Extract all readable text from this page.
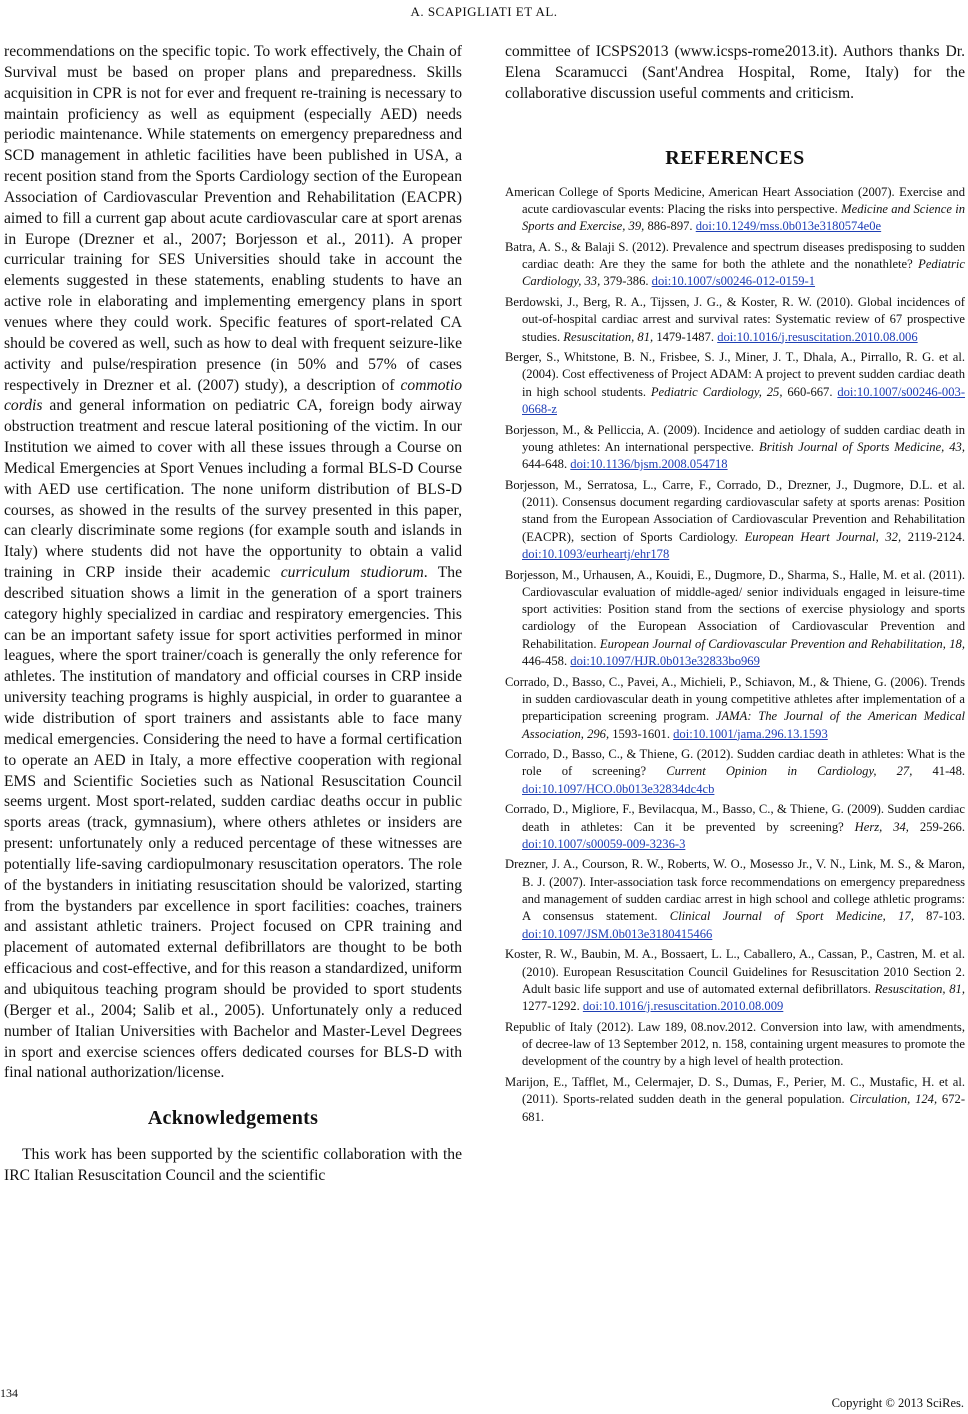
A. SCAPIGLIATI ET AL.

recommendations on the specific topic. To work effectively, the Chain of Survival must be based on proper plans and preparedness. Skills acquisition in CPR is not for ever and frequent re-training is necessary to maintain proficiency as well as equipment (especially AED) needs periodic maintenance. While statements on emergency preparedness and SCD management in athletic facilities have been published in USA, a recent position stand from the Sports Cardiology section of the European Association of Cardiovascular Prevention and Rehabilitation (EACPR) aimed to fill a current gap about acute cardiovascular care at sport arenas in Europe (Drezner et al., 2007; Borjesson et al., 2011). A proper curricular training for SES Universities should take in account the elements suggested in these statements, enabling students to have an active role in elaborating and implementing emergency plans in sport venues where they could work. Specific features of sport-related CA should be covered as well, such as how to deal with frequent seizure-like activity and pulse/respiration presence (in 50% and 57% of cases respectively in Drezner et al. (2007) study), a description of commotio cordis and general information on pediatric CA, foreign body airway obstruction treatment and rescue lateral positioning of the victim. In our Institution we aimed to cover with all these issues through a Course on Medical Emergencies at Sport Venues including a formal BLS-D Course with AED use certification. The none uniform distribution of BLS-D courses, as showed in the results of the survey presented in this paper, can clearly discriminate some regions (for example south and islands in Italy) where students did not have the opportunity to obtain a valid training in CRP inside their academic curriculum studiorum. The described situation shows a limit in the generation of a sport trainers category highly specialized in cardiac and respiratory emergencies. This can be an important safety issue for sport activities performed in minor leagues, where the sport trainer/coach is generally the only reference for athletes. The institution of mandatory and official courses in CRP inside university teaching programs is highly auspicial, in order to guarantee a wide distribution of sport trainers and assistants able to face many medical emergencies. Considering the need to have a formal certification to operate an AED in Italy, a more effective cooperation with regional EMS and Scientific Societies such as National Resuscitation Council seems urgent. Most sport-related, sudden cardiac deaths occur in public sports areas (track, gymnasium), where others athletes or insiders are present: unfortunately only a reduced percentage of these witnesses are potentially life-saving cardiopulmonary resuscitation operators. The role of the bystanders in initiating resuscitation should be valorized, starting from the bystanders par excellence in sport facilities: coaches, trainers and assistant athletic trainers. Project focused on CPR training and placement of automated external defibrillators are thought to be both efficacious and cost-effective, and for this reason a standardized, uniform and ubiquitous teaching program should be provided to sport students (Berger et al., 2004; Salib et al., 2005). Unfortunately only a reduced number of Italian Universities with Bachelor and Master-Level Degrees in sport and exercise sciences offers dedicated courses for BLS-D with final national authorization/license.

Acknowledgements

This work has been supported by the scientific collaboration with the IRC Italian Resuscitation Council and the scientific

committee of ICSPS2013 (www.icsps-rome2013.it). Authors thanks Dr. Elena Scaramucci (Sant'Andrea Hospital, Rome, Italy) for the collaborative discussion useful comments and criticism.

REFERENCES

American College of Sports Medicine, American Heart Association (2007). Exercise and acute cardiovascular events: Placing the risks into perspective. Medicine and Science in Sports and Exercise, 39, 886-897. doi:10.1249/mss.0b013e3180574e0e

Batra, A. S., & Balaji S. (2012). Prevalence and spectrum diseases predisposing to sudden cardiac death: Are they the same for both the athlete and the nonathlete? Pediatric Cardiology, 33, 379-386. doi:10.1007/s00246-012-0159-1

Berdowski, J., Berg, R. A., Tijssen, J. G., & Koster, R. W. (2010). Global incidences of out-of-hospital cardiac arrest and survival rates: Systematic review of 67 prospective studies. Resuscitation, 81, 1479-1487. doi:10.1016/j.resuscitation.2010.08.006

Berger, S., Whitstone, B. N., Frisbee, S. J., Miner, J. T., Dhala, A., Pirrallo, R. G. et al. (2004). Cost effectiveness of Project ADAM: A project to prevent sudden cardiac death in high school students. Pediatric Cardiology, 25, 660-667. doi:10.1007/s00246-003-0668-z

Borjesson, M., & Pelliccia, A. (2009). Incidence and aetiology of sudden cardiac death in young athletes: An international perspective. British Journal of Sports Medicine, 43, 644-648. doi:10.1136/bjsm.2008.054718

Borjesson, M., Serratosa, L., Carre, F., Corrado, D., Drezner, J., Dugmore, D.L. et al. (2011). Consensus document regarding cardiovascular safety at sports arenas: Position stand from the European Association of Cardiovascular Prevention and Rehabilitation (EACPR), section of Sports Cardiology. European Heart Journal, 32, 2119-2124. doi:10.1093/eurheartj/ehr178

Borjesson, M., Urhausen, A., Kouidi, E., Dugmore, D., Sharma, S., Halle, M. et al. (2011). Cardiovascular evaluation of middle-aged/ senior individuals engaged in leisure-time sport activities: Position stand from the sections of exercise physiology and sports cardiology of the European Association of Cardiovascular Prevention and Rehabilitation. European Journal of Cardiovascular Prevention and Rehabilitation, 18, 446-458. doi:10.1097/HJR.0b013e32833bo969

Corrado, D., Basso, C., Pavei, A., Michieli, P., Schiavon, M., & Thiene, G. (2006). Trends in sudden cardiovascular death in young competitive athletes after implementation of a preparticipation screening program. JAMA: The Journal of the American Medical Association, 296, 1593-1601. doi:10.1001/jama.296.13.1593

Corrado, D., Basso, C., & Thiene, G. (2012). Sudden cardiac death in athletes: What is the role of screening? Current Opinion in Cardiology, 27, 41-48. doi:10.1097/HCO.0b013e32834dc4cb

Corrado, D., Migliore, F., Bevilacqua, M., Basso, C., & Thiene, G. (2009). Sudden cardiac death in athletes: Can it be prevented by screening? Herz, 34, 259-266. doi:10.1007/s00059-009-3236-3

Drezner, J. A., Courson, R. W., Roberts, W. O., Mosesso Jr., V. N., Link, M. S., & Maron, B. J. (2007). Inter-association task force recommendations on emergency preparedness and management of sudden cardiac arrest in high school and college athletic programs: A consensus statement. Clinical Journal of Sport Medicine, 17, 87-103. doi:10.1097/JSM.0b013e3180415466

Koster, R. W., Baubin, M. A., Bossaert, L. L., Caballero, A., Cassan, P., Castren, M. et al. (2010). European Resuscitation Council Guidelines for Resuscitation 2010 Section 2. Adult basic life support and use of automated external defibrillators. Resuscitation, 81, 1277-1292. doi:10.1016/j.resuscitation.2010.08.009

Republic of Italy (2012). Law 189, 08.nov.2012. Conversion into law, with amendments, of decree-law of 13 September 2012, n. 158, containing urgent measures to promote the development of the country by a high level of health protection.

Marijon, E., Tafflet, M., Celermajer, D. S., Dumas, F., Perier, M. C., Mustafic, H. et al. (2011). Sports-related sudden death in the general population. Circulation, 124, 672-681.

134
Copyright © 2013 SciRes.
